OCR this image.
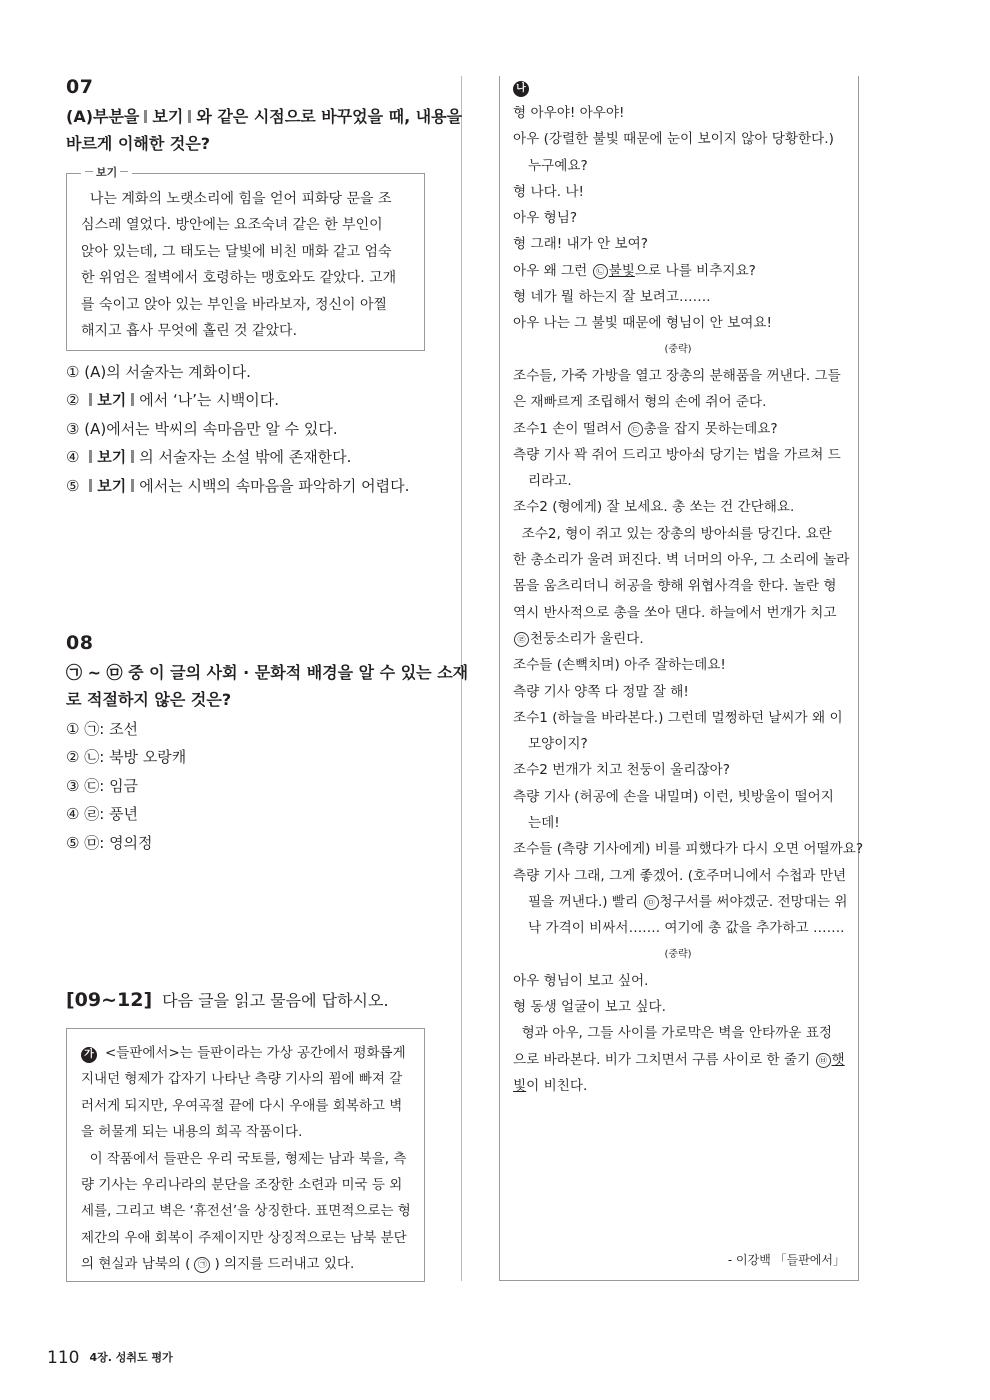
07

(A)부분을 보기 와 같은 시점으로 바꾸었을 때, 내용을

바르게 이해한 것은?

보기

나는 계화의 노랫소리에 힘을 얻어 피화당 문을 조

심스레 열었다. 방안에는 요조숙녀 같은 한 부인이

앉아 있는데, 그 태도는 달빛에 비친 매화 같고 엄숙

한 위엄은 절벽에서 호령하는 맹호와도 같았다. 고개

를 숙이고 앉아 있는 부인을 바라보자, 정신이 아찔

해지고 흡사 무엇에 홀린 것 같았다.

① (A)의 서술자는 계화이다.

② 보기 에서 ‘나’는 시백이다.

③ (A)에서는 박씨의 속마음만 알 수 있다.

④ 보기 의 서술자는 소설 밖에 존재한다.

⑤ 보기 에서는 시백의 속마음을 파악하기 어렵다.

08

㉠ ~ ㉤ 중 이 글의 사회 · 문화적 배경을 알 수 있는 소재

로 적절하지 않은 것은?

① ㉠: 조선

② ㉡: 북방 오랑캐

③ ㉢: 임금

④ ㉣: 풍년

⑤ ㉤: 영의정

[09~12] 다음 글을 읽고 물음에 답하시오.

가 <들판에서>는 들판이라는 가상 공간에서 평화롭게

지내던 형제가 갑자기 나타난 측량 기사의 꾐에 빠져 갈

러서게 되지만, 우여곡절 끝에 다시 우애를 회복하고 벽

을 허물게 되는 내용의 희곡 작품이다.

이 작품에서 들판은 우리 국토를, 형제는 남과 북을, 측

량 기사는 우리나라의 분단을 조장한 소련과 미국 등 외

세를, 그리고 벽은 ‘휴전선’을 상징한다. 표면적으로는 형

제간의 우애 회복이 주제이지만 상징적으로는 남북 분단

의 현실과 남북의 ( ㉠ ) 의지를 드러내고 있다.

나

형 아우야! 아우야!

아우 (강렬한 불빛 때문에 눈이 보이지 않아 당황한다.)

누구예요?

형 나다. 나!

아우 형님?

형 그래! 내가 안 보여?

아우 왜 그런 ㉡ 불빛으로 나를 비추지요?

형 네가 뭘 하는지 잘 보려고…….

아우 나는 그 불빛 때문에 형님이 안 보여요!

(중략)

조수들, 가죽 가방을 열고 장총의 분해품을 꺼낸다. 그들

은 재빠르게 조립해서 형의 손에 쥐어 준다.

조수1 손이 떨려서 ㉢ 총을 잡지 못하는데요?

측량 기사 꽉 쥐어 드리고 방아쇠 당기는 법을 가르쳐 드

리라고.

조수2 (형에게) 잘 보세요. 총 쏘는 건 간단해요.

조수2, 형이 쥐고 있는 장총의 방아쇠를 당긴다. 요란

한 총소리가 울려 퍼진다. 벽 너머의 아우, 그 소리에 놀라

몸을 움츠리더니 허공을 향해 위협사격을 한다. 놀란 형

역시 반사적으로 총을 쏘아 댄다. 하늘에서 번개가 치고

㉣ 천둥소리가 울린다.

조수들 (손뼉치며) 아주 잘하는데요!

측량 기사 양쪽 다 정말 잘 해!

조수1 (하늘을 바라본다.) 그런데 멀쩡하던 날씨가 왜 이

모양이지?

조수2 번개가 치고 천둥이 울리잖아?

측량 기사 (허공에 손을 내밀며) 이런, 빗방울이 떨어지

는데!

조수들 (측량 기사에게) 비를 피했다가 다시 오면 어떨까요?

측량 기사 그래, 그게 좋겠어. (호주머니에서 수첩과 만년

필을 꺼낸다.) 빨리 ㉤ 청구서를 써야겠군. 전망대는 위

낙 가격이 비싸서……. 여기에 총 값을 추가하고 …….

(중략)

아우 형님이 보고 싶어.

형 동생 얼굴이 보고 싶다.

형과 아우, 그들 사이를 가로막은 벽을 안타까운 표정

으로 바라본다. 비가 그치면서 구름 사이로 한 줄기 ㉥ 햇

빛이 비친다.

- 이강백 「들판에서」
110 4장. 성취도 평가
